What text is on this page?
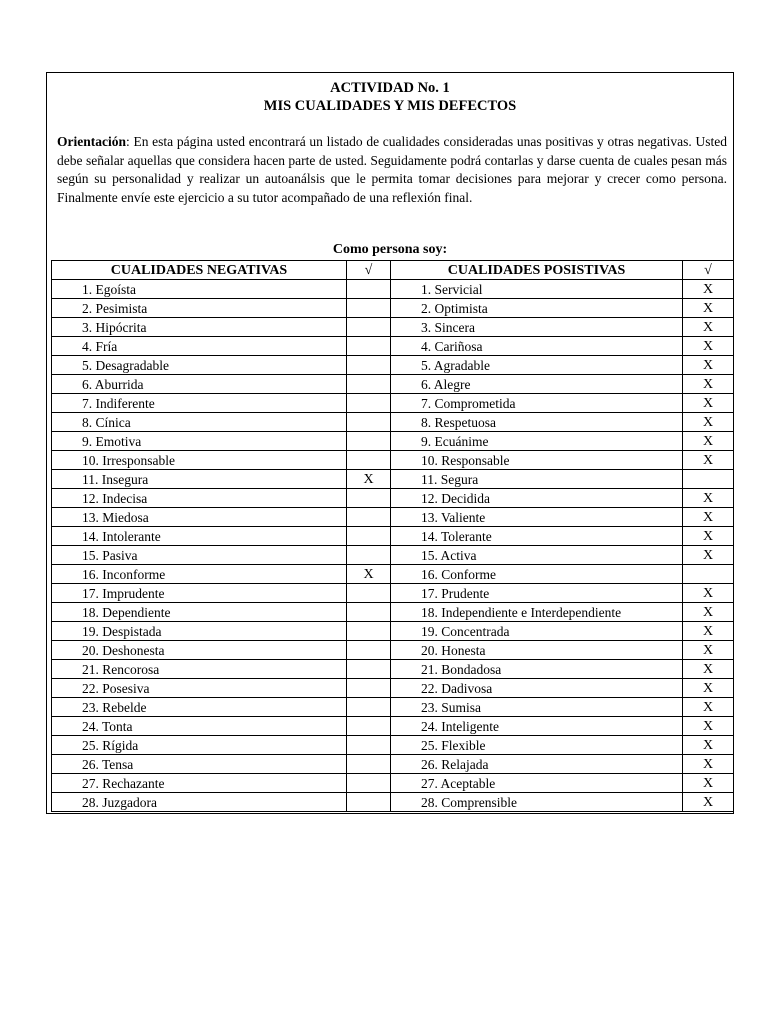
ACTIVIDAD No. 1
MIS CUALIDADES Y MIS DEFECTOS
Orientación: En esta página usted encontrará un listado de cualidades consideradas unas positivas y otras negativas. Usted debe señalar aquellas que considera hacen parte de usted. Seguidamente podrá contarlas y darse cuenta de cuales pesan más según su personalidad y realizar un autoanálsis que le permita tomar decisiones para mejorar y crecer como persona. Finalmente envíe este ejercicio a su tutor acompañado de una reflexión final.
Como persona soy:
CUALIDADES NEGATIVAS	√	CUALIDADES POSISTIVAS	√
1. Egoísta		1. Servicial	X
2. Pesimista		2. Optimista	X
3. Hipócrita		3. Sincera	X
4. Fría		4. Cariñosa	X
5. Desagradable		5. Agradable	X
6. Aburrida		6. Alegre	X
7. Indiferente		7. Comprometida	X
8. Cínica		8. Respetuosa	X
9. Emotiva		9. Ecuánime	X
10. Irresponsable		10. Responsable	X
11. Insegura	X	11. Segura	
12. Indecisa		12. Decidida	X
13. Miedosa		13. Valiente	X
14. Intolerante		14. Tolerante	X
15. Pasiva		15. Activa	X
16. Inconforme	X	16. Conforme	
17. Imprudente		17. Prudente	X
18. Dependiente		18. Independiente e Interdependiente	X
19. Despistada		19. Concentrada	X
20. Deshonesta		20. Honesta	X
21. Rencorosa		21. Bondadosa	X
22. Posesiva		22. Dadivosa	X
23. Rebelde		23. Sumisa	X
24. Tonta		24. Inteligente	X
25. Rígida		25. Flexible	X
26. Tensa		26. Relajada	X
27. Rechazante		27. Aceptable	X
28. Juzgadora		28. Comprensible	X
